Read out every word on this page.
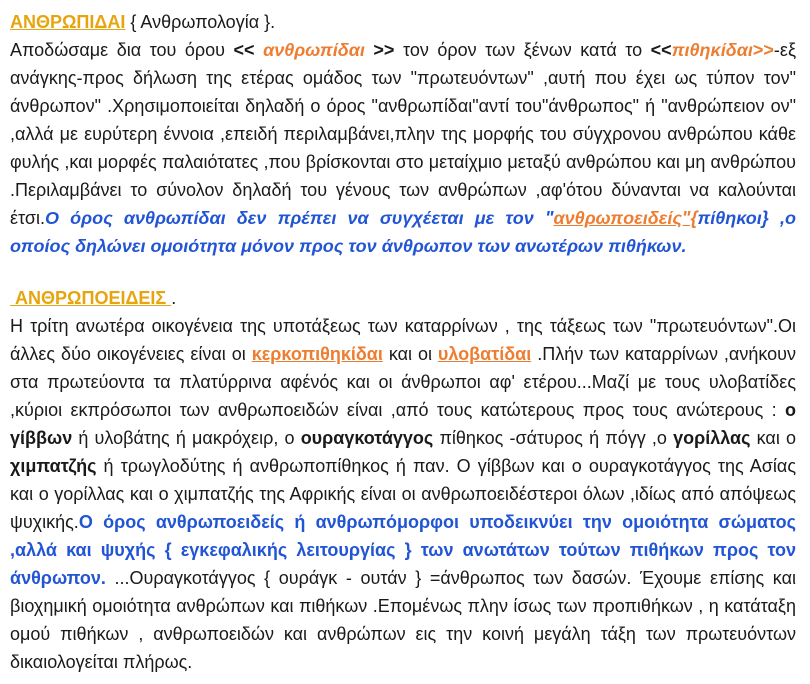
ΑΝΘΡΩΠΙΔΑΙ { Ανθρωπολογία }.
Αποδώσαμε δια του όρου << ανθρωπίδαι >> τον όρον των ξένων κατά το <<πιθηκίδαι>>-εξ ανάγκης-προς δήλωση της ετέρας ομάδος των "πρωτευόντων" ,αυτή που έχει ως τύπον τον" άνθρωπον" .Χρησιμοποιείται δηλαδή ο όρος "ανθρωπίδαι"αντί του"άνθρωπος" ή "ανθρώπειον ον" ,αλλά με ευρύτερη έννοια ,επειδή περιλαμβάνει,πλην της μορφής του σύγχρονου ανθρώπου κάθε φυλής ,και μορφές παλαιότατες ,που βρίσκονται στο μεταίχμιο μεταξύ ανθρώπου και μη ανθρώπου .Περιλαμβάνει το σύνολον δηλαδή του γένους των ανθρώπων ,αφ'ότου δύνανται να καλούνται έτσι.Ο όρος ανθρωπίδαι δεν πρέπει να συγχέεται με τον "ανθρωποειδείς"{πίθηκοι} ,ο οποίος δηλώνει ομοιότητα μόνον προς τον άνθρωπον των ανωτέρων πιθήκων.
ΑΝΘΡΩΠΟΕΙΔΕΙΣ .
Η τρίτη ανωτέρα οικογένεια της υποτάξεως των καταρρίνων , της τάξεως των "πρωτευόντων".Οι άλλες δύο οικογένειες είναι οι κερκοπιθηκίδαι και οι υλοβατίδαι .Πλήν των καταρρίνων ,ανήκουν στα πρωτεύοντα τα πλατύρρινα αφένός και οι άνθρωποι αφ' ετέρου...Μαζί με τους υλοβατίδες ,κύριοι εκπρόσωποι των ανθρωποειδών είναι ,από τους κατώτερους προς τους ανώτερους : ο γίββων ή υλοβάτης ή μακρόχειρ, ο ουραγκοτάγγος πίθηκος -σάτυρος ή πόγγ ,ο γορίλλας και ο χιμπατζής ή τρωγλοδύτης ή ανθρωποπίθηκος ή παν. Ο γίββων και ο ουραγκοτάγγος της Ασίας και ο γορίλλας και ο χιμπατζής της Αφρικής είναι οι ανθρωποειδέστεροι όλων ,ιδίως από απόψεως ψυχικής.Ο όρος ανθρωποειδείς ή ανθρωπόμορφοι υποδεικνύει την ομοιότητα σώματος ,αλλά και ψυχής { εγκεφαλικής λειτουργίας } των ανωτάτων τούτων πιθήκων προς τον άνθρωπον. ...Ουραγκοτάγγος { ουράγκ - ουτάν } =άνθρωπος των δασών. Έχουμε επίσης και βιοχημική ομοιότητα ανθρώπων και πιθήκων .Επομένως πλην ίσως των προπιθήκων , η κατάταξη ομού πιθήκων , ανθρωποειδών και ανθρώπων εις την κοινή μεγάλη τάξη των πρωτευόντων δικαιολογείται πλήρως.
